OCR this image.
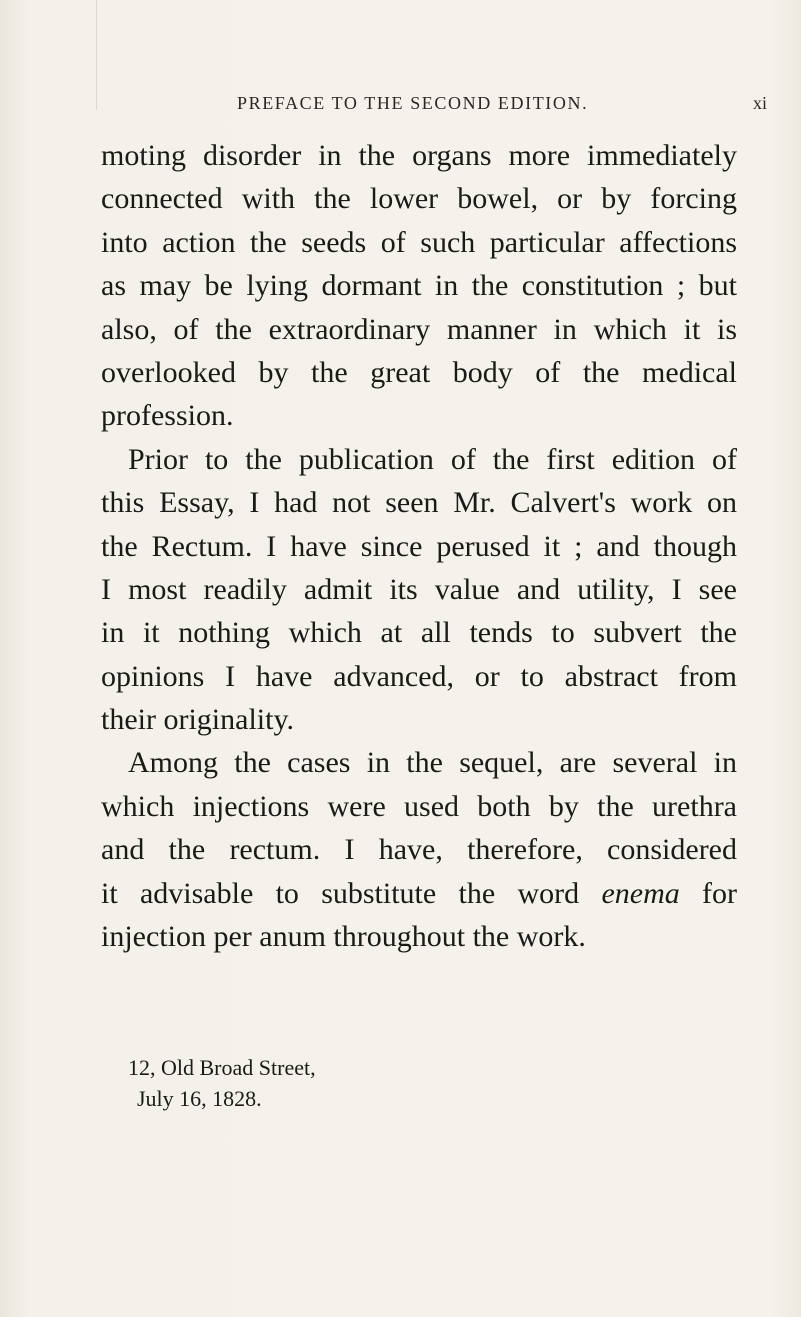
PREFACE TO THE SECOND EDITION.	xi
moting disorder in the organs more immediately
connected with the lower bowel, or by forcing
into action the seeds of such particular affections
as may be lying dormant in the constitution ; but
also, of the extraordinary manner in which it is
overlooked by the great body of the medical
profession.
Prior to the publication of the first edition of
this Essay, I had not seen Mr. Calvert's work on
the Rectum. I have since perused it ; and though
I most readily admit its value and utility, I see
in it nothing which at all tends to subvert the
opinions I have advanced, or to abstract from
their originality.
Among the cases in the sequel, are several in
which injections were used both by the urethra
and the rectum. I have, therefore, considered
it advisable to substitute the word enema for
injection per anum throughout the work.
12, Old Broad Street,
July 16, 1828.
